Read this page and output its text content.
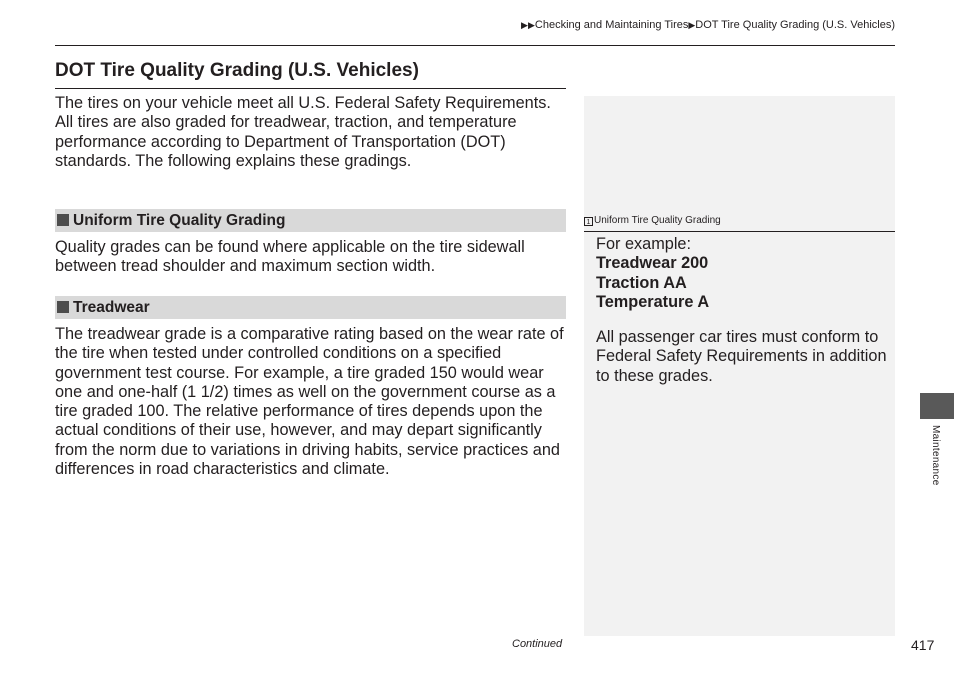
▶▶Checking and Maintaining Tires▶DOT Tire Quality Grading (U.S. Vehicles)
DOT Tire Quality Grading (U.S. Vehicles)
The tires on your vehicle meet all U.S. Federal Safety Requirements. All tires are also graded for treadwear, traction, and temperature performance according to Department of Transportation (DOT) standards. The following explains these gradings.
Uniform Tire Quality Grading
Quality grades can be found where applicable on the tire sidewall between tread shoulder and maximum section width.
Treadwear
The treadwear grade is a comparative rating based on the wear rate of the tire when tested under controlled conditions on a specified government test course. For example, a tire graded 150 would wear one and one-half (1 1/2) times as well on the government course as a tire graded 100. The relative performance of tires depends upon the actual conditions of their use, however, and may depart significantly from the norm due to variations in driving habits, service practices and differences in road characteristics and climate.
1 Uniform Tire Quality Grading
For example:
Treadwear 200
Traction AA
Temperature A
All passenger car tires must conform to Federal Safety Requirements in addition to these grades.
Maintenance
Continued	417
